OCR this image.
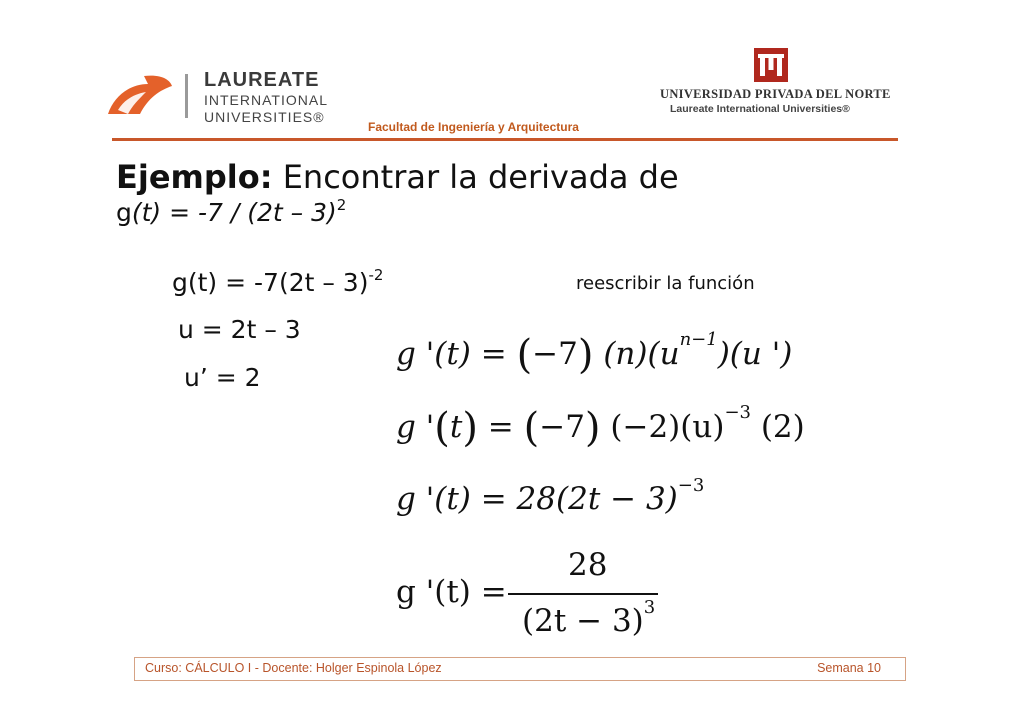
LAUREATE
INTERNATIONAL
UNIVERSITIES®
UNIVERSIDAD PRIVADA DEL NORTE
Laureate International Universities®
Facultad de Ingeniería y Arquitectura
Ejemplo: Encontrar la derivada de
g(t) = -7 / (2t – 3)$^2$
g(t) = -7(2t – 3)$^{-2}$	reescribir la función
u = 2t – 3
u’ = 2
g '(t) = (−7) $(n)(u^{n-1})(u$ ')
g '(t) = (−7) $(-2)(u)^{-3}$ (2)
g '$(t) = 28(2t - 3)^{-3}$
g '(t) =
28
$(2t - 3)^3$
Curso: CÁLCULO I - Docente: Holger Espinola López	Semana 10
